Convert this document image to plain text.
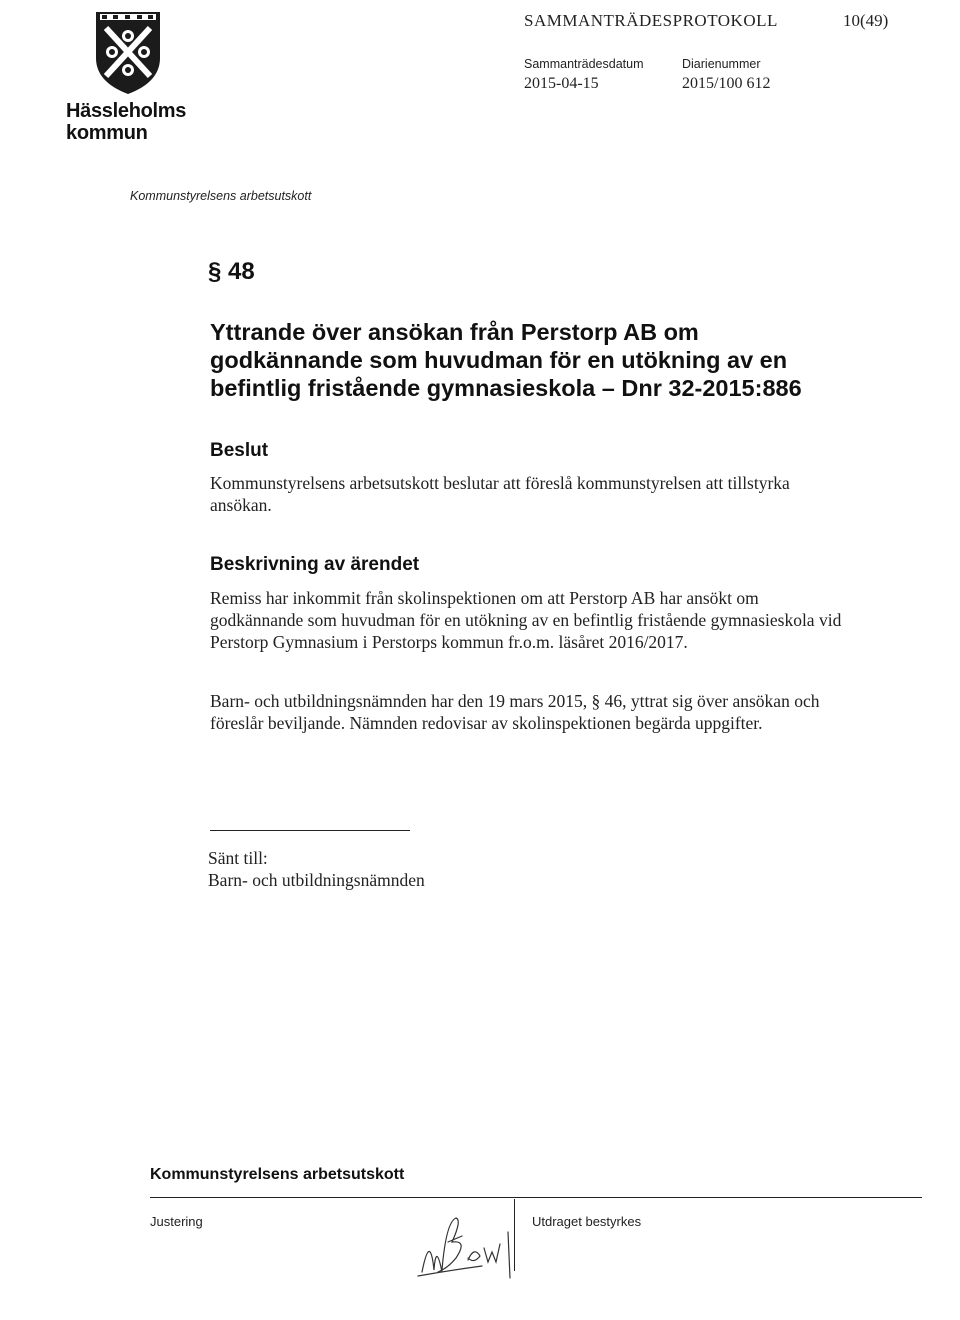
Hässleholms
kommun
SAMMANTRÄDESPROTOKOLL	10(49)
Sammanträdesdatum
2015-04-15
Diarienummer
2015/100 612
Kommunstyrelsens arbetsutskott
§ 48
Yttrande över ansökan från Perstorp AB om godkännande som huvudman för en utökning av en befintlig fristående gymnasieskola – Dnr 32-2015:886
Beslut
Kommunstyrelsens arbetsutskott beslutar att föreslå kommunstyrelsen att tillstyrka ansökan.
Beskrivning av ärendet
Remiss har inkommit från skolinspektionen om att Perstorp AB har ansökt om godkännande som huvudman för en utökning av en befintlig fristående gymnasieskola vid Perstorp Gymnasium i Perstorps kommun fr.o.m. läsåret 2016/2017.
Barn- och utbildningsnämnden har den 19 mars 2015, § 46, yttrat sig över ansökan och föreslår beviljande. Nämnden redovisar av skolinspektionen begärda uppgifter.
Sänt till:
Barn- och utbildningsnämnden
Kommunstyrelsens arbetsutskott
Justering	Utdraget bestyrkes
